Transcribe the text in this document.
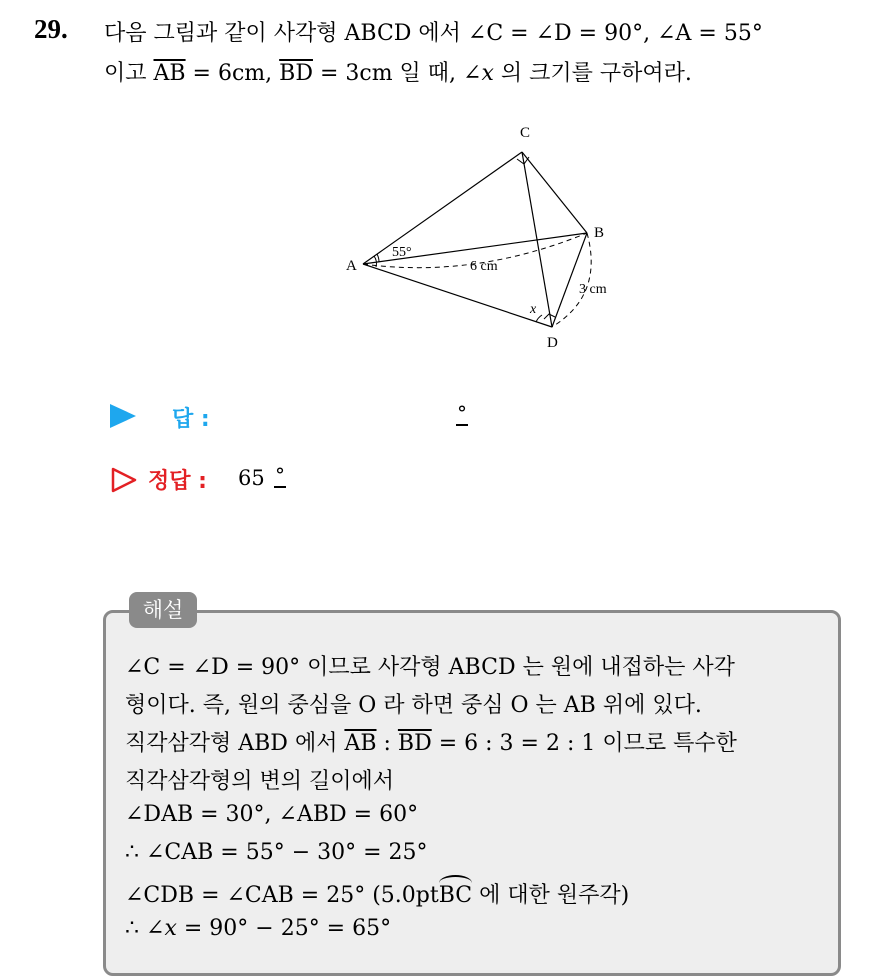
29. 다음 그림과 같이 사각형 ABCD 에서 ∠C = ∠D = 90°, ∠A = 55°
이고 $\overline{AB} = 6cm$, $\overline{BD} = 3cm$ 일 때, ∠x 의 크기를 구하여라.
C
B
A
D
55°
6 cm
3 cm
x
답 :	°
정답 : 65 °
해설
∠C = ∠D = 90° 이므로 사각형 ABCD 는 원에 내접하는 사각
형이다. 즉, 원의 중심을 O 라 하면 중심 O 는 AB 위에 있다.
직각삼각형 ABD 에서 $\overline{AB}$ : $\overline{BD} = 6$ : 3 = 2 : 1 이므로 특수한
직각삼각형의 변의 길이에서
∠DAB = 30°, ∠ABD = 60°
∴ ∠CAB = 55° − 30° = 25°
∠CDB = ∠CAB = 25° (5.0ptBC 에 대한 원주각)
∴ ∠x = 90° − 25° = 65°
